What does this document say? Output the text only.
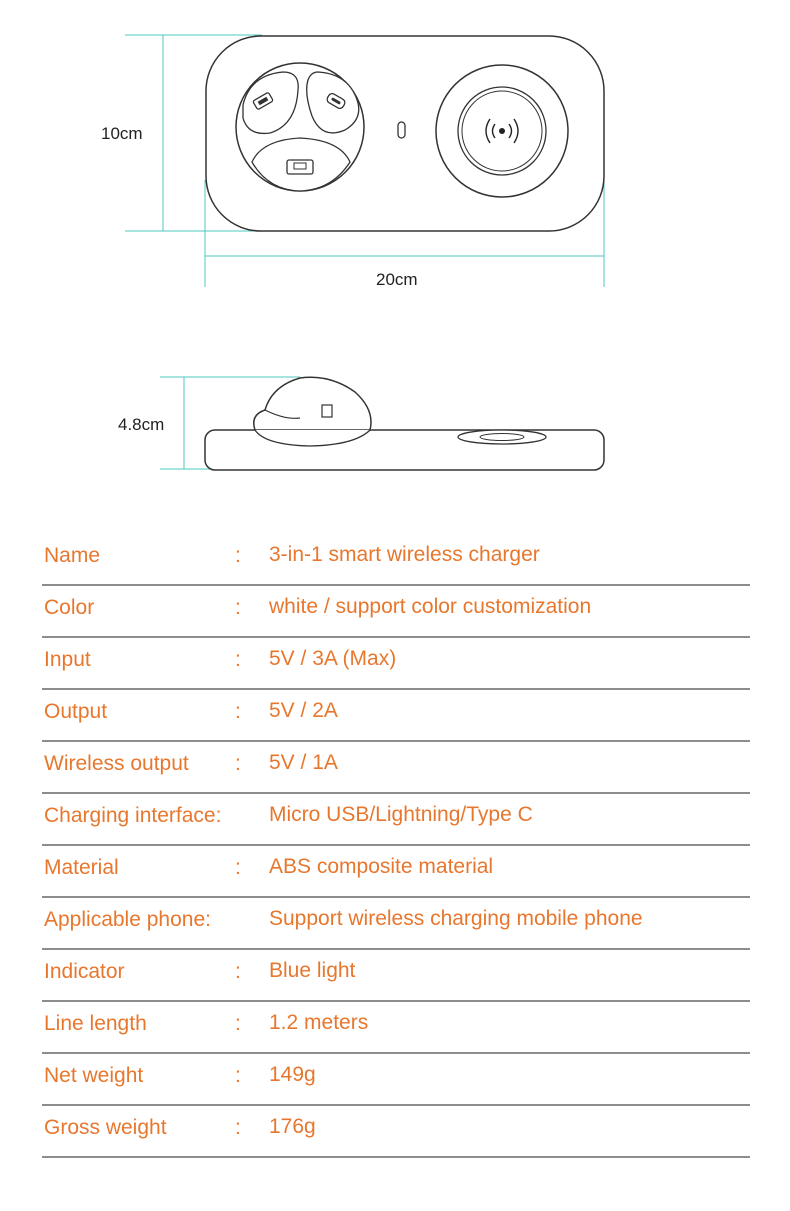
10cm
20cm
4.8cm
Name	: 3-in-1 smart wireless charger
Color	: white / support color customization
Input	: 5V / 3A (Max)
Output	: 5V / 2A
Wireless output : 5V / 1A
Charging interface: Micro USB/Lightning/Type C
Material	: ABS composite material
Applicable phone:	Support wireless charging mobile phone
Indicator	: Blue light
Line length	: 1.2 meters
Net weight	: 149g
Gross weight	: 176g
